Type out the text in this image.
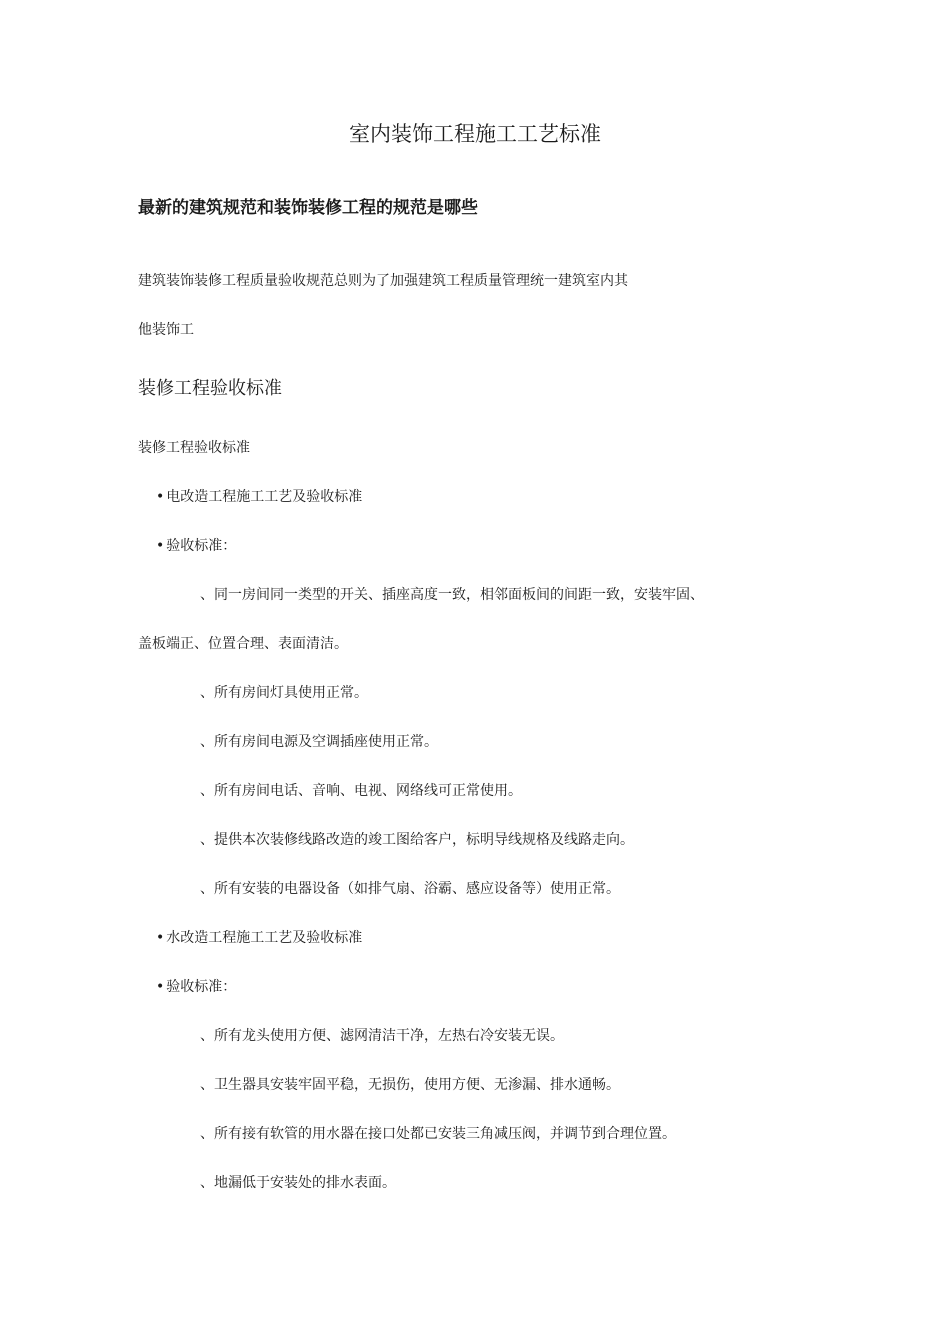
室内装饰工程施工工艺标准
最新的建筑规范和装饰装修工程的规范是哪些
建筑装饰装修工程质量验收规范总则为了加强建筑工程质量管理统一建筑室内其
他装饰工
装修工程验收标准
装修工程验收标准
• 电改造工程施工工艺及验收标准
• 验收标准：
、同一房间同一类型的开关、插座高度一致，相邻面板间的间距一致，安装牢固、
盖板端正、位置合理、表面清洁。
、所有房间灯具使用正常。
、所有房间电源及空调插座使用正常。
、所有房间电话、音响、电视、网络线可正常使用。
、提供本次装修线路改造的竣工图给客户，标明导线规格及线路走向。
、所有安装的电器设备（如排气扇、浴霸、感应设备等）使用正常。
• 水改造工程施工工艺及验收标准
• 验收标准：
、所有龙头使用方便、滤网清洁干净，左热右冷安装无误。
、卫生器具安装牢固平稳，无损伤，使用方便、无渗漏、排水通畅。
、所有接有软管的用水器在接口处都已安装三角减压阀，并调节到合理位置。
、地漏低于安装处的排水表面。
